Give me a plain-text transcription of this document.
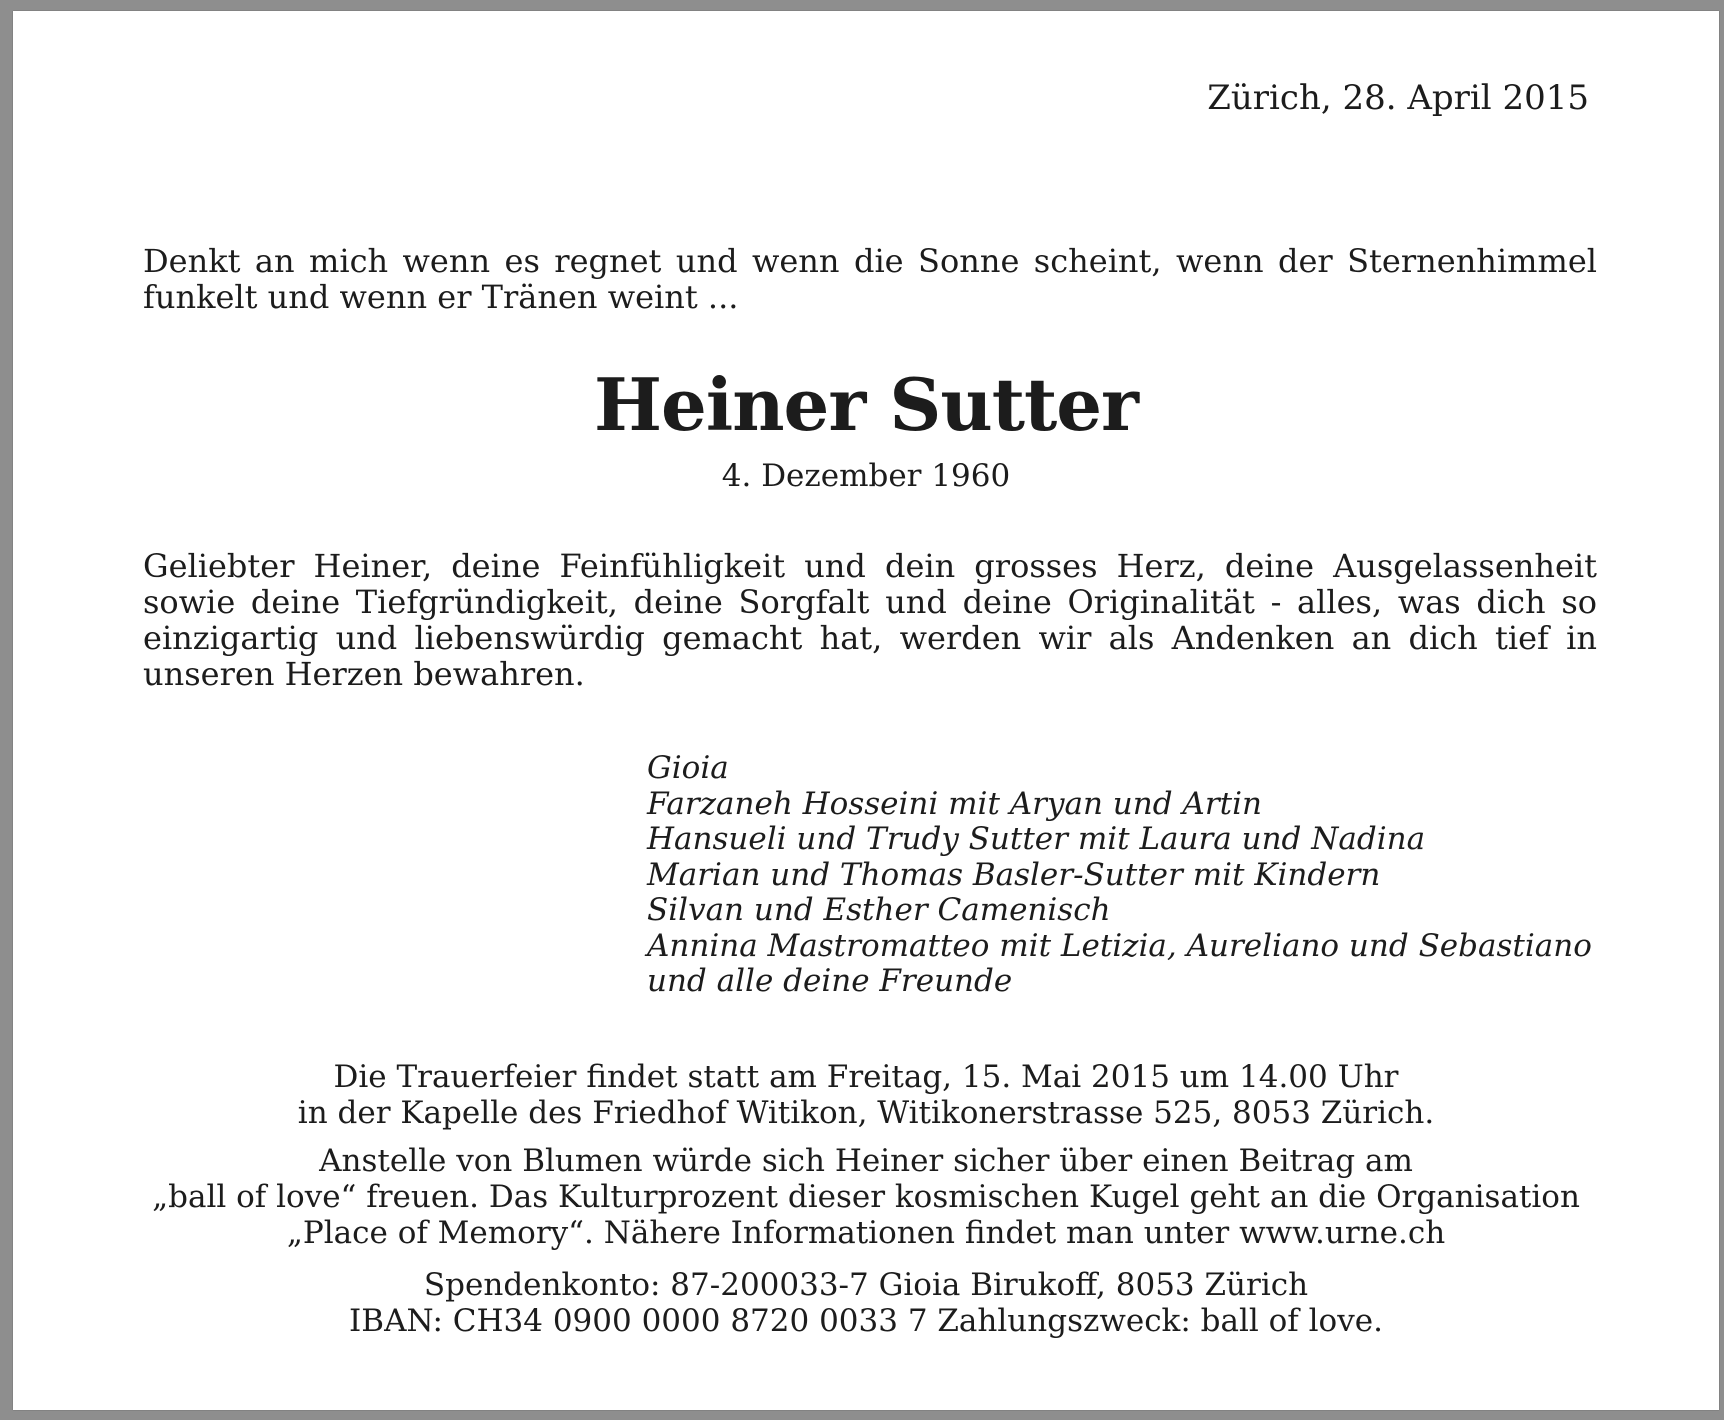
Zürich, 28. April 2015
Denkt an mich wenn es regnet und wenn die Sonne scheint, wenn der Sternenhimmel funkelt und wenn er Tränen weint ...
Heiner Sutter
4. Dezember 1960
Geliebter Heiner, deine Feinfühligkeit und dein grosses Herz, deine Ausgelassenheit sowie deine Tiefgründigkeit, deine Sorgfalt und deine Originalität - alles, was dich so einzigartig und liebenswürdig gemacht hat, werden wir als Andenken an dich tief in unseren Herzen bewahren.
Gioia
Farzaneh Hosseini mit Aryan und Artin
Hansueli und Trudy Sutter mit Laura und Nadina
Marian und Thomas Basler-Sutter mit Kindern
Silvan und Esther Camenisch
Annina Mastromatteo mit Letizia, Aureliano und Sebastiano
und alle deine Freunde
Die Trauerfeier findet statt am Freitag, 15. Mai 2015 um 14.00 Uhr
in der Kapelle des Friedhof Witikon, Witikonerstrasse 525, 8053 Zürich.
Anstelle von Blumen würde sich Heiner sicher über einen Beitrag am
„ball of love“ freuen. Das Kulturprozent dieser kosmischen Kugel geht an die Organisation
„Place of Memory“. Nähere Informationen findet man unter www.urne.ch
Spendenkonto: 87-200033-7 Gioia Birukoff, 8053 Zürich
IBAN: CH34 0900 0000 8720 0033 7 Zahlungszweck: ball of love.
